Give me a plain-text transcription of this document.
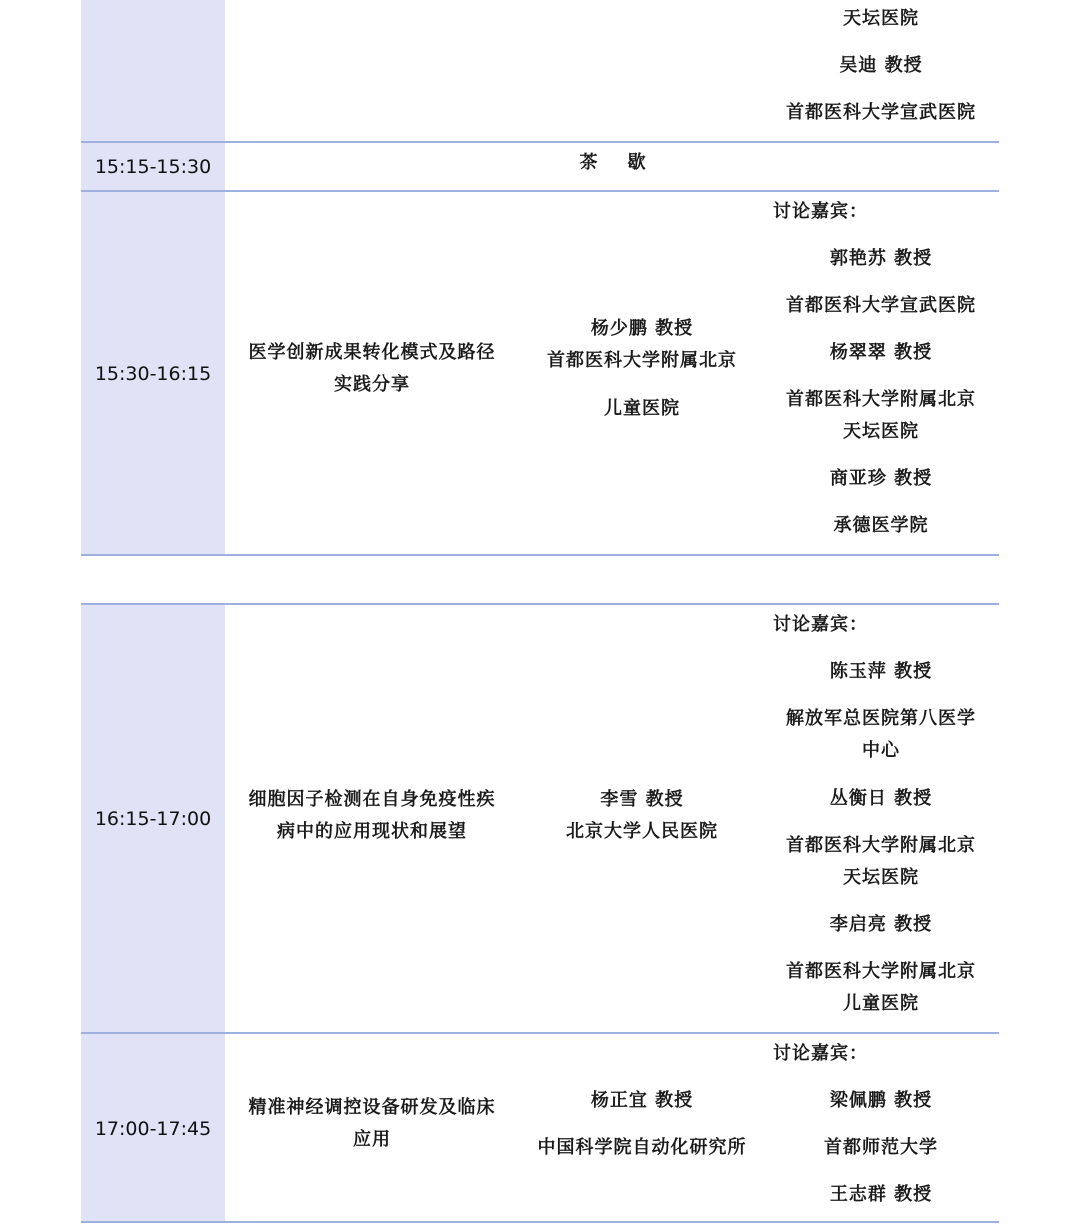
天坛医院
吴迪 教授
首都医科大学宣武医院
15:15-15:30	茶    歇
15:30-16:15
医学创新成果转化模式及路径
实践分享
杨少鹏 教授
首都医科大学附属北京
儿童医院
讨论嘉宾：
郭艳苏 教授
首都医科大学宣武医院
杨翠翠 教授
首都医科大学附属北京
天坛医院
商亚珍 教授
承德医学院
16:15-17:00
细胞因子检测在自身免疫性疾
病中的应用现状和展望
李雪 教授
北京大学人民医院
讨论嘉宾：
陈玉萍 教授
解放军总医院第八医学
中心
丛衡日 教授
首都医科大学附属北京
天坛医院
李启亮 教授
首都医科大学附属北京
儿童医院
17:00-17:45
精准神经调控设备研发及临床
应用
杨正宜 教授
中国科学院自动化研究所
讨论嘉宾：
梁佩鹏 教授
首都师范大学
王志群 教授
